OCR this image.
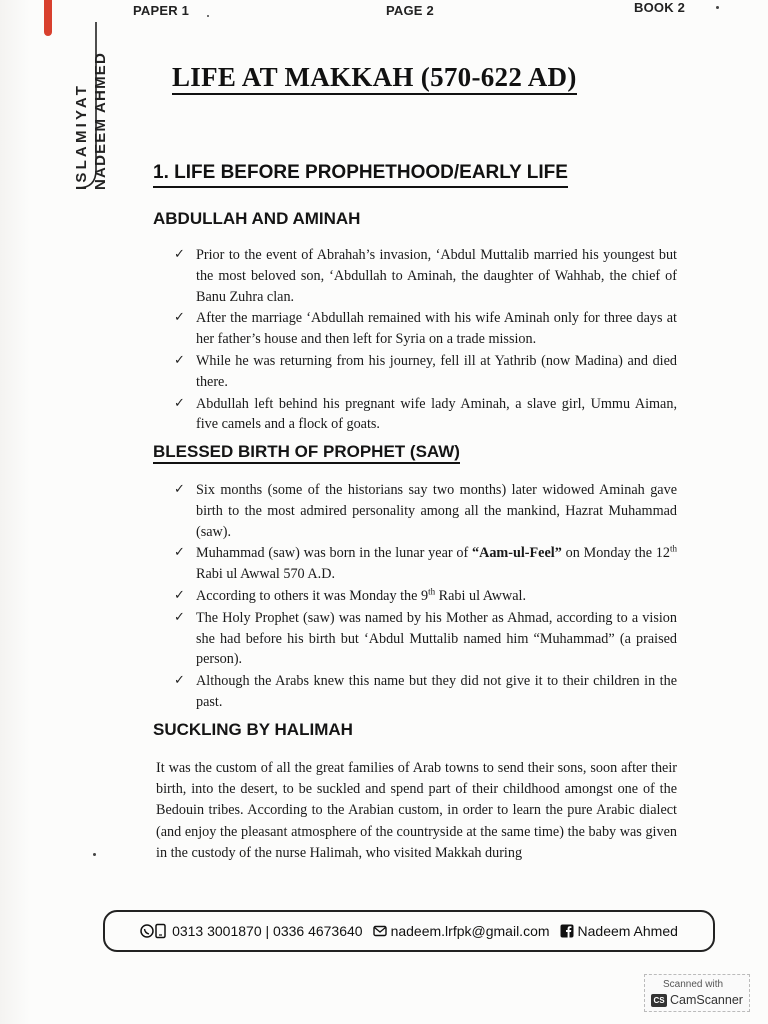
PAPER 1	PAGE 2	BOOK 2
ISLAMIYAT NADEEM AHMED LIFE AT MAKKAH (570-622 AD)
1. LIFE BEFORE PROPHETHOOD/EARLY LIFE
ABDULLAH AND AMINAH
✓ Prior to the event of Abrahah’s invasion, ‘Abdul Muttalib married his youngest but the most beloved son, ‘Abdullah to Aminah, the daughter of Wahhab, the chief of Banu Zuhra clan.
✓ After the marriage ‘Abdullah remained with his wife Aminah only for three days at her father’s house and then left for Syria on a trade mission.
✓ While he was returning from his journey, fell ill at Yathrib (now Madina) and died there.
✓ Abdullah left behind his pregnant wife lady Aminah, a slave girl, Ummu Aiman, five camels and a flock of goats.
BLESSED BIRTH OF PROPHET (SAW)
✓ Six months (some of the historians say two months) later widowed Aminah gave birth to the most admired personality among all the mankind, Hazrat Muhammad (saw).
✓ Muhammad (saw) was born in the lunar year of “Aam-ul-Feel” on Monday the 12th Rabi ul Awwal 570 A.D.
✓ According to others it was Monday the 9th Rabi ul Awwal.
✓ The Holy Prophet (saw) was named by his Mother as Ahmad, according to a vision she had before his birth but ‘Abdul Muttalib named him “Muhammad” (a praised person).
✓ Although the Arabs knew this name but they did not give it to their children in the past.
SUCKLING BY HALIMAH
It was the custom of all the great families of Arab towns to send their sons, soon after their birth, into the desert, to be suckled and spend part of their childhood amongst one of the Bedouin tribes. According to the Arabian custom, in order to learn the pure Arabic dialect (and enjoy the pleasant atmosphere of the countryside at the same time) the baby was given in the custody of the nurse Halimah, who visited Makkah during
0313 3001870 | 0336 4673640 nadeem.lrfpk@gmail.com Nadeem Ahmed
Scanned with
CS CamScanner
